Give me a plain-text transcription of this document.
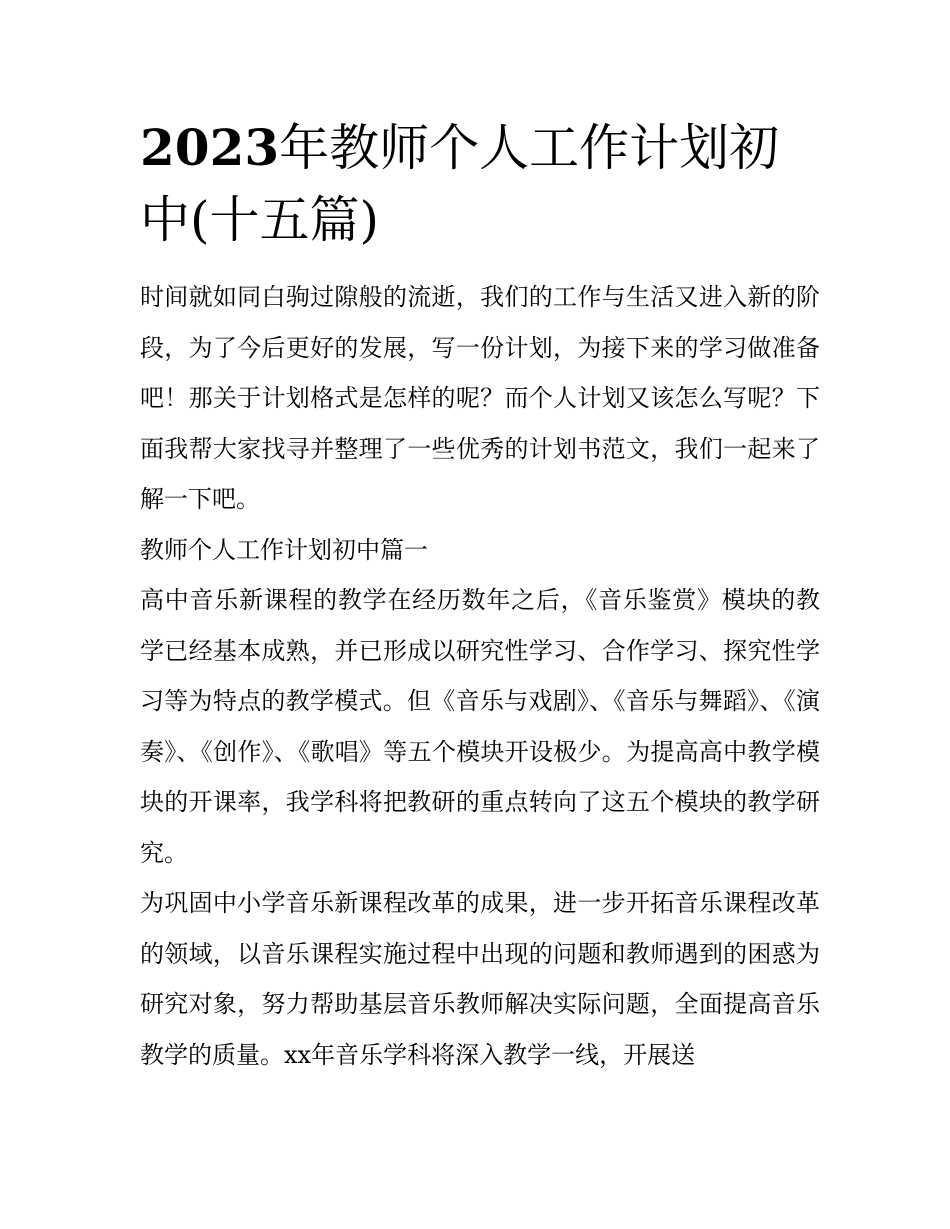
2023年教师个人工作计划初中(十五篇)

时间就如同白驹过隙般的流逝，我们的工作与生活又进入新的阶段，为了今后更好的发展，写一份计划，为接下来的学习做准备吧！那关于计划格式是怎样的呢？而个人计划又该怎么写呢？下面我帮大家找寻并整理了一些优秀的计划书范文，我们一起来了解一下吧。

教师个人工作计划初中篇一

高中音乐新课程的教学在经历数年之后，《音乐鉴赏》模块的教学已经基本成熟，并已形成以研究性学习、合作学习、探究性学习等为特点的教学模式。但《音乐与戏剧》、《音乐与舞蹈》、《演奏》、《创作》、《歌唱》等五个模块开设极少。为提高高中教学模块的开课率，我学科将把教研的重点转向了这五个模块的教学研究。

为巩固中小学音乐新课程改革的成果，进一步开拓音乐课程改革的领域，以音乐课程实施过程中出现的问题和教师遇到的困惑为研究对象，努力帮助基层音乐教师解决实际问题，全面提高音乐教学的质量。xx年音乐学科将深入教学一线，开展送
